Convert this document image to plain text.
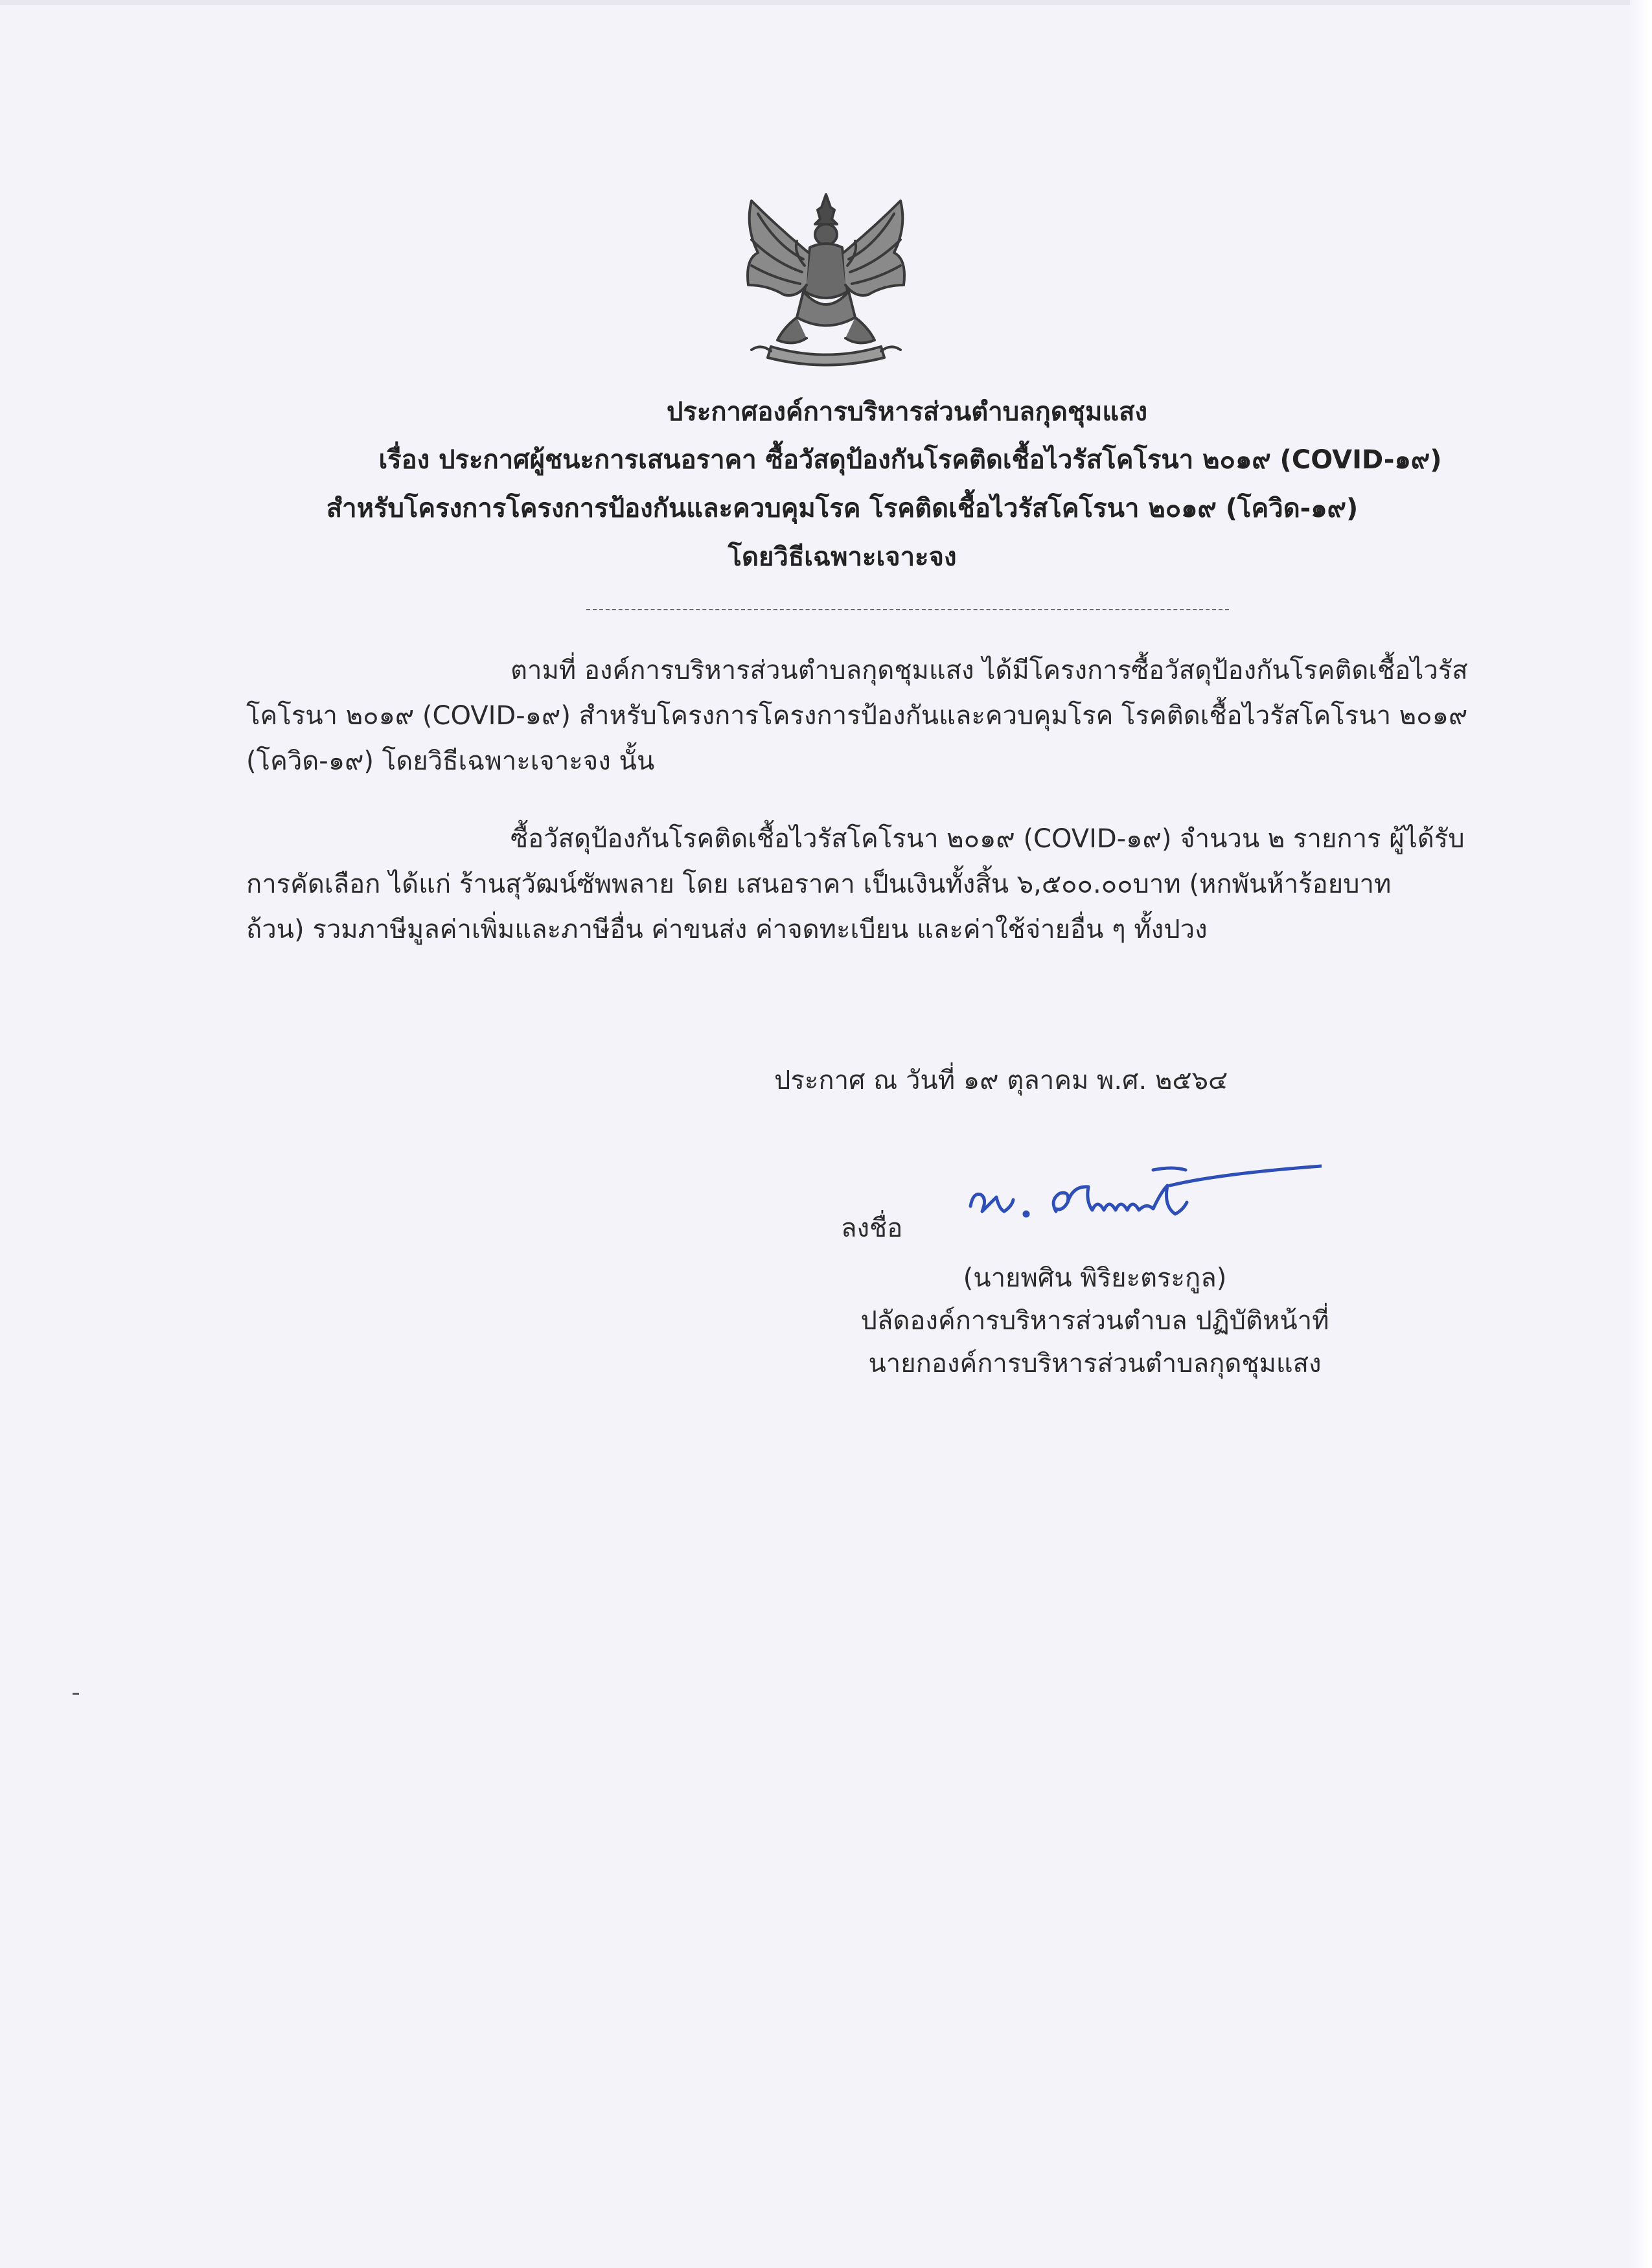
ประกาศองค์การบริหารส่วนตำบลกุดชุมแสง
เรื่อง ประกาศผู้ชนะการเสนอราคา ซื้อวัสดุป้องกันโรคติดเชื้อไวรัสโคโรนา ๒๐๑๙ (COVID-๑๙)
สำหรับโครงการโครงการป้องกันและควบคุมโรค โรคติดเชื้อไวรัสโคโรนา ๒๐๑๙ (โควิด-๑๙)
โดยวิธีเฉพาะเจาะจง
ตามที่ องค์การบริหารส่วนตำบลกุดชุมแสง ได้มีโครงการซื้อวัสดุป้องกันโรคติดเชื้อไวรัส
โคโรนา ๒๐๑๙ (COVID-๑๙) สำหรับโครงการโครงการป้องกันและควบคุมโรค โรคติดเชื้อไวรัสโคโรนา ๒๐๑๙
(โควิด-๑๙) โดยวิธีเฉพาะเจาะจง นั้น
ซื้อวัสดุป้องกันโรคติดเชื้อไวรัสโคโรนา ๒๐๑๙ (COVID-๑๙) จำนวน ๒ รายการ ผู้ได้รับ
การคัดเลือก ได้แก่ ร้านสุวัฒน์ซัพพลาย โดย เสนอราคา เป็นเงินทั้งสิ้น ๖,๕๐๐.๐๐บาท (หกพันห้าร้อยบาท
ถ้วน) รวมภาษีมูลค่าเพิ่มและภาษีอื่น ค่าขนส่ง ค่าจดทะเบียน และค่าใช้จ่ายอื่น ๆ ทั้งปวง
ประกาศ ณ วันที่ ๑๙ ตุลาคม พ.ศ. ๒๕๖๔
ลงชื่อ
(นายพศิน พิริยะตระกูล)
ปลัดองค์การบริหารส่วนตำบล ปฏิบัติหน้าที่
นายกองค์การบริหารส่วนตำบลกุดชุมแสง
